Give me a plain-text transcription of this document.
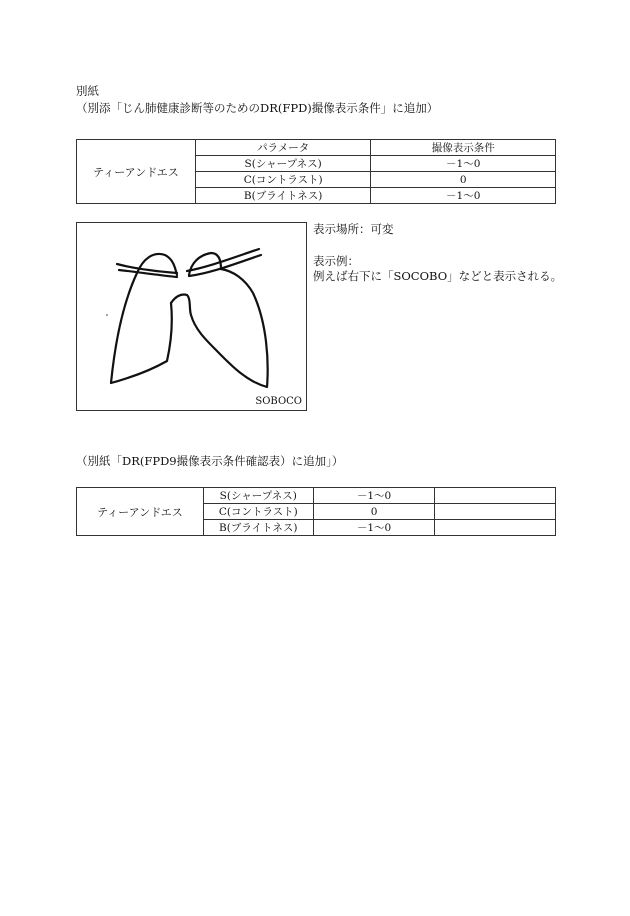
別紙
（別添「じん肺健康診断等のためのDR(FPD)撮像表示条件」に追加）
ティーアンドエス	パラメータ	撮像表示条件
	S(シャープネス)	－1〜0
	C(コントラスト)	0
	B(ブライトネス)	－1〜0
SOBOCO
表示場所：可変
表示例：
例えば右下に「SOCOBO」などと表示される。
（別紙「DR(FPD9撮像表示条件確認表）に追加」）
ティーアンドエス	S(シャープネス)	－1〜0	
	C(コントラスト)	0	
	B(ブライトネス)	－1〜0	
